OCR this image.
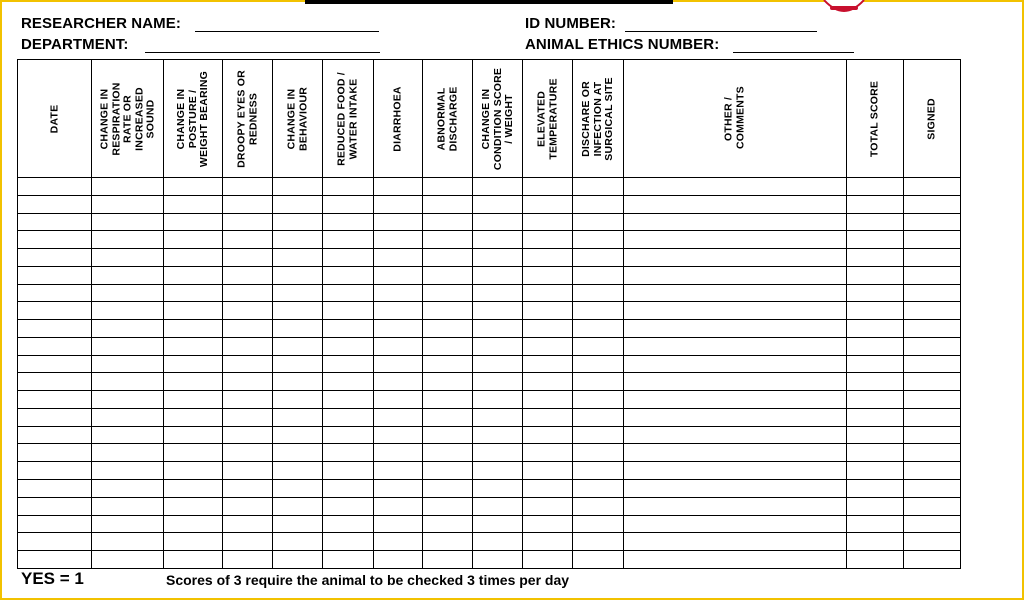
RESEARCHER NAME:
DEPARTMENT:
ID NUMBER:
ANIMAL ETHICS NUMBER:
DATE	CHANGE IN RESPIRATION RATE OR INCREASED SOUND	CHANGE IN POSTURE / WEIGHT BEARING	DROOPY EYES OR REDNESS	CHANGE IN BEHAVIOUR	REDUCED FOOD / WATER INTAKE	DIARRHOEA	ABNORMAL DISCHARGE	CHANGE IN CONDITION SCORE / WEIGHT	ELEVATED TEMPERATURE	DISCHARE OR INFECTION AT SURGICAL SITE	OTHER / COMMENTS	TOTAL SCORE	SIGNED

YES = 1	Scores of 3 require the animal to be checked 3 times per day
